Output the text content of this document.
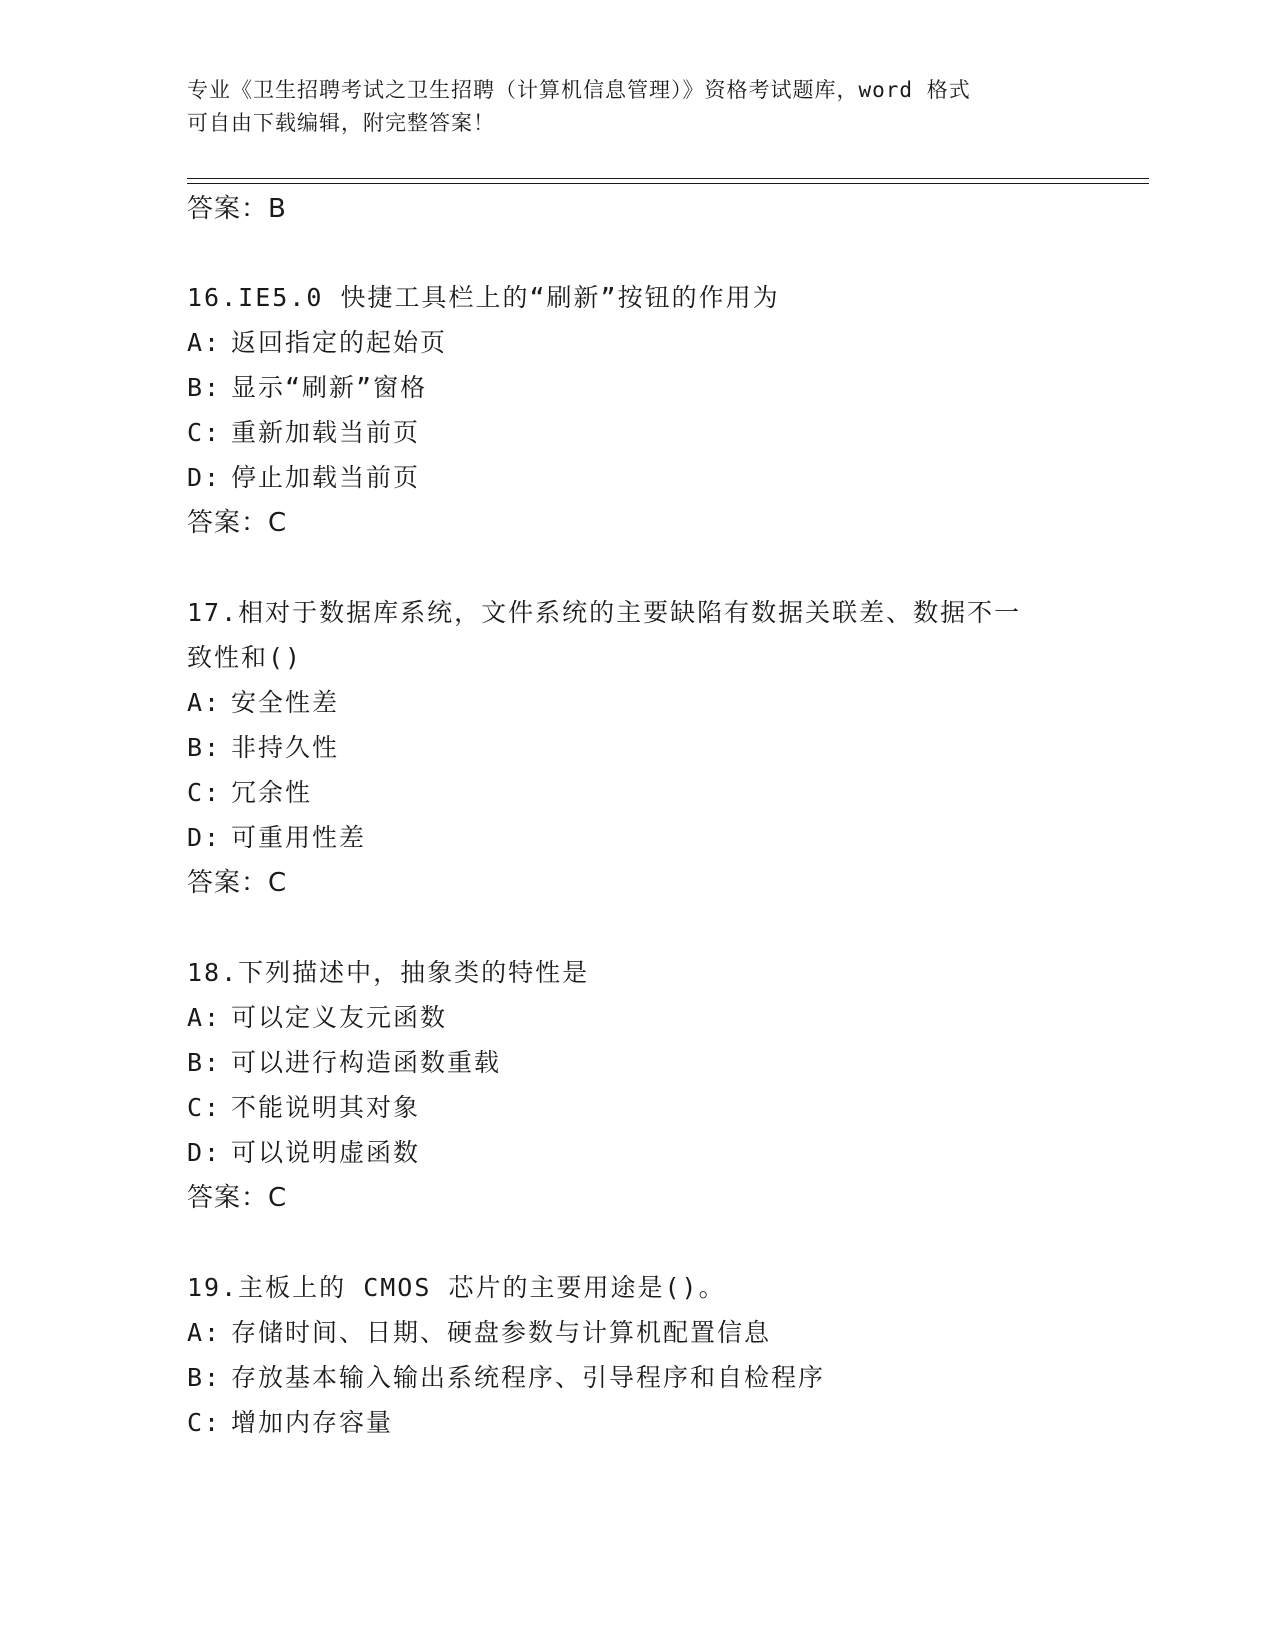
专业《卫生招聘考试之卫生招聘（计算机信息管理）》资格考试题库，word 格式
可自由下载编辑，附完整答案！
答案：B
16.IE5.0 快捷工具栏上的“刷新”按钮的作用为
A: 返回指定的起始页
B: 显示“刷新”窗格
C: 重新加载当前页
D: 停止加载当前页
答案：C
17.相对于数据库系统，文件系统的主要缺陷有数据关联差、数据不一
致性和()
A: 安全性差
B: 非持久性
C: 冗余性
D: 可重用性差
答案：C
18.下列描述中，抽象类的特性是
A: 可以定义友元函数
B: 可以进行构造函数重载
C: 不能说明其对象
D: 可以说明虚函数
答案：C
19.主板上的 CMOS 芯片的主要用途是()。
A: 存储时间、日期、硬盘参数与计算机配置信息
B: 存放基本输入输出系统程序、引导程序和自检程序
C: 增加内存容量
